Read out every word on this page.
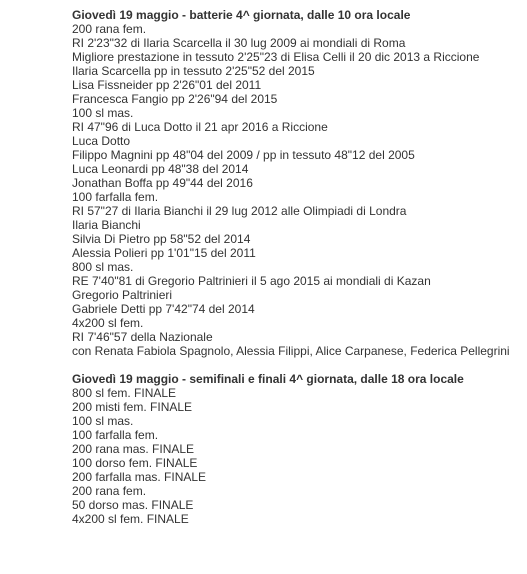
Giovedì 19 maggio - batterie 4^ giornata, dalle 10 ora locale

200 rana fem.

RI 2'23"32 di Ilaria Scarcella il 30 lug 2009 ai mondiali di Roma

Migliore prestazione in tessuto 2'25"23 di Elisa Celli il 20 dic 2013 a Riccione

Ilaria Scarcella pp in tessuto 2'25"52 del 2015

Lisa Fissneider pp 2'26"01 del 2011

Francesca Fangio pp 2'26"94 del 2015

100 sl mas.

RI 47"96 di Luca Dotto il 21 apr 2016 a Riccione

Luca Dotto

Filippo Magnini pp 48"04 del 2009 / pp in tessuto 48"12 del 2005

Luca Leonardi pp 48"38 del 2014

Jonathan Boffa pp 49"44 del 2016

100 farfalla fem.

RI 57"27 di Ilaria Bianchi il 29 lug 2012 alle Olimpiadi di Londra

Ilaria Bianchi

Silvia Di Pietro pp 58"52 del 2014

Alessia Polieri pp 1'01"15 del 2011

800 sl mas.

RE 7'40"81 di Gregorio Paltrinieri il 5 ago 2015 ai mondiali di Kazan

Gregorio Paltrinieri

Gabriele Detti pp 7'42"74 del 2014

4x200 sl fem.

RI 7'46"57 della Nazionale

con Renata Fabiola Spagnolo, Alessia Filippi, Alice Carpanese, Federica Pellegrini

Giovedì 19 maggio - semifinali e finali 4^ giornata, dalle 18 ora locale

800 sl fem. FINALE

200 misti fem. FINALE

100 sl mas.

100 farfalla fem.

200 rana mas. FINALE

100 dorso fem. FINALE

200 farfalla mas. FINALE

200 rana fem.

50 dorso mas. FINALE

4x200 sl fem. FINALE
